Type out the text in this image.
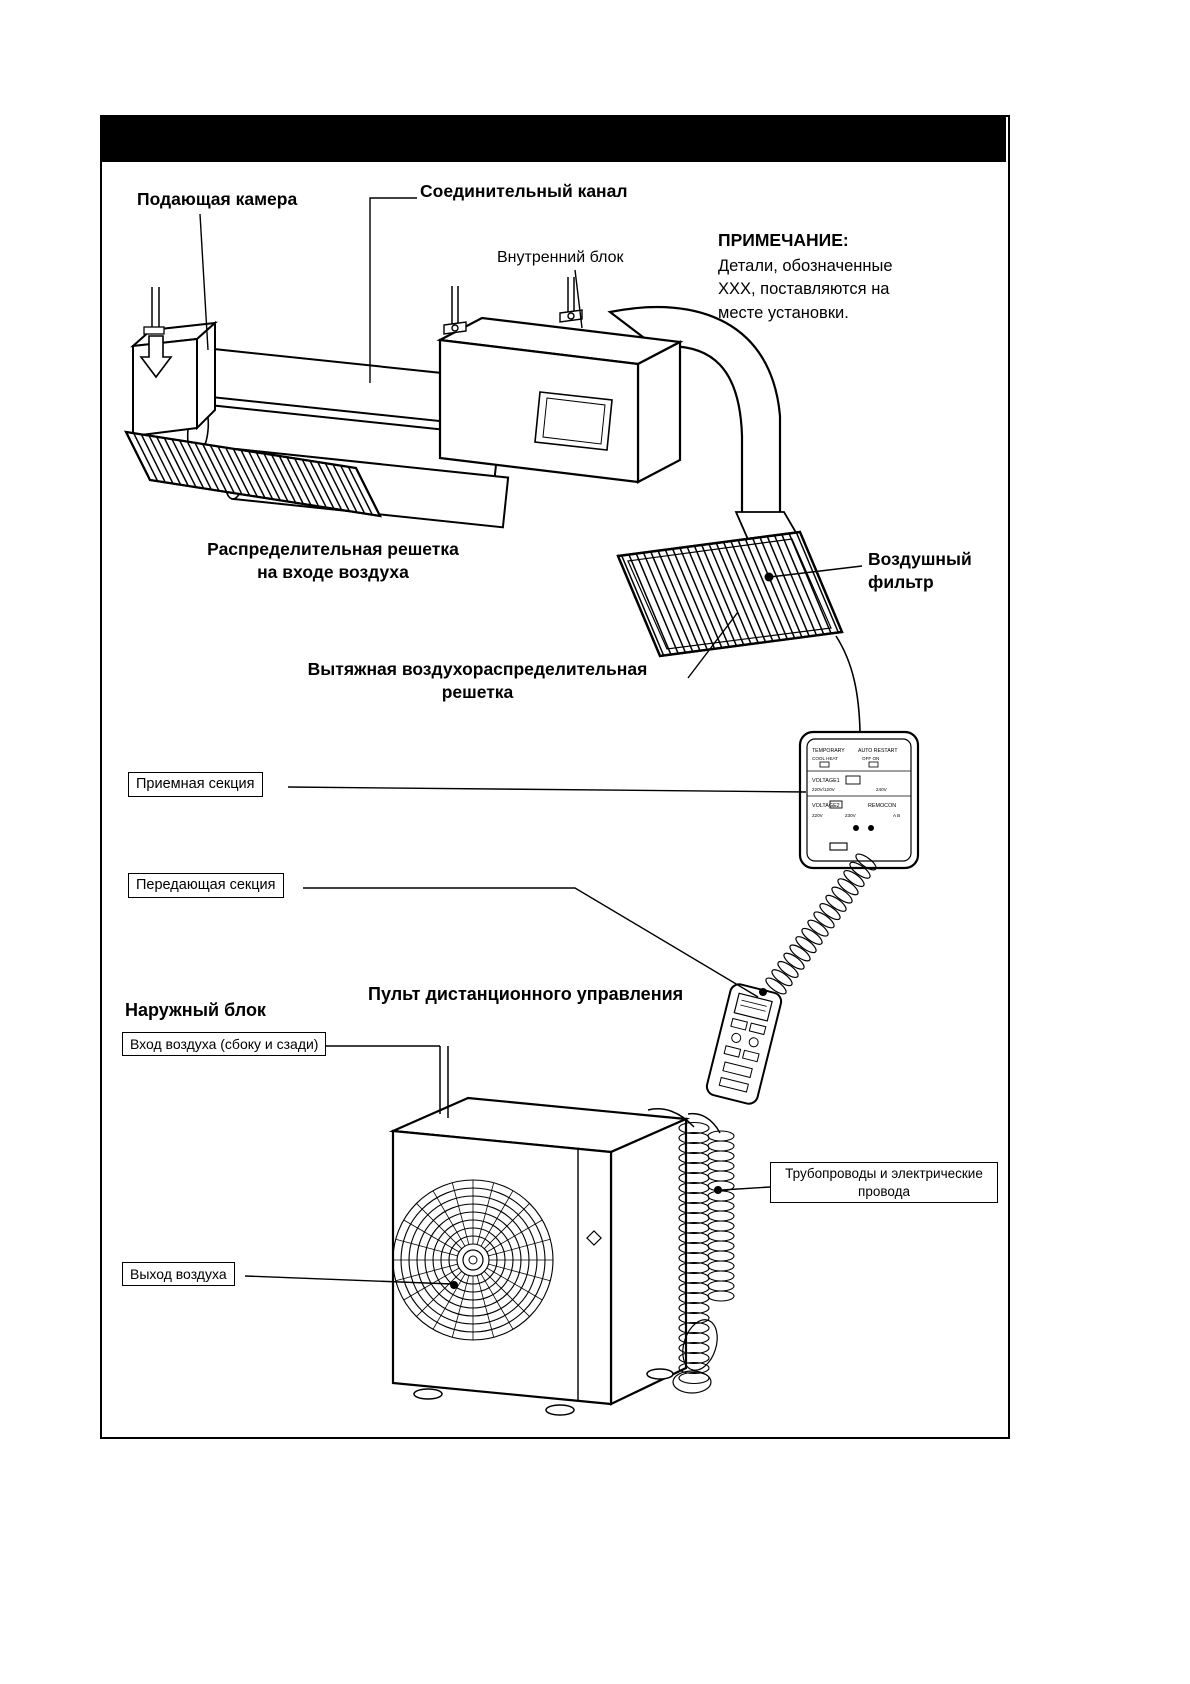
TEMPORARY	AUTO RESTART
COOL HEAT	OFF ON
VOLTAGE1
220V/120V	240V
VOLTAGE2	REMOCON
220V	230V	A B
Подающая камера	Соединительный канал
Внутренний блок
ПРИМЕЧАНИЕ:
Детали, обозначенные
XXX, поставляются на
месте установки.
Распределительная решетка
на входе воздуха
Воздушный
фильтр
Вытяжная воздухораспределительная
решетка
Приемная секция
Передающая секция
Пульт дистанционного управления
Наружный блок
Вход воздуха (сбоку и сзади)
Трубопроводы и электрические
провода
Выход воздуха
